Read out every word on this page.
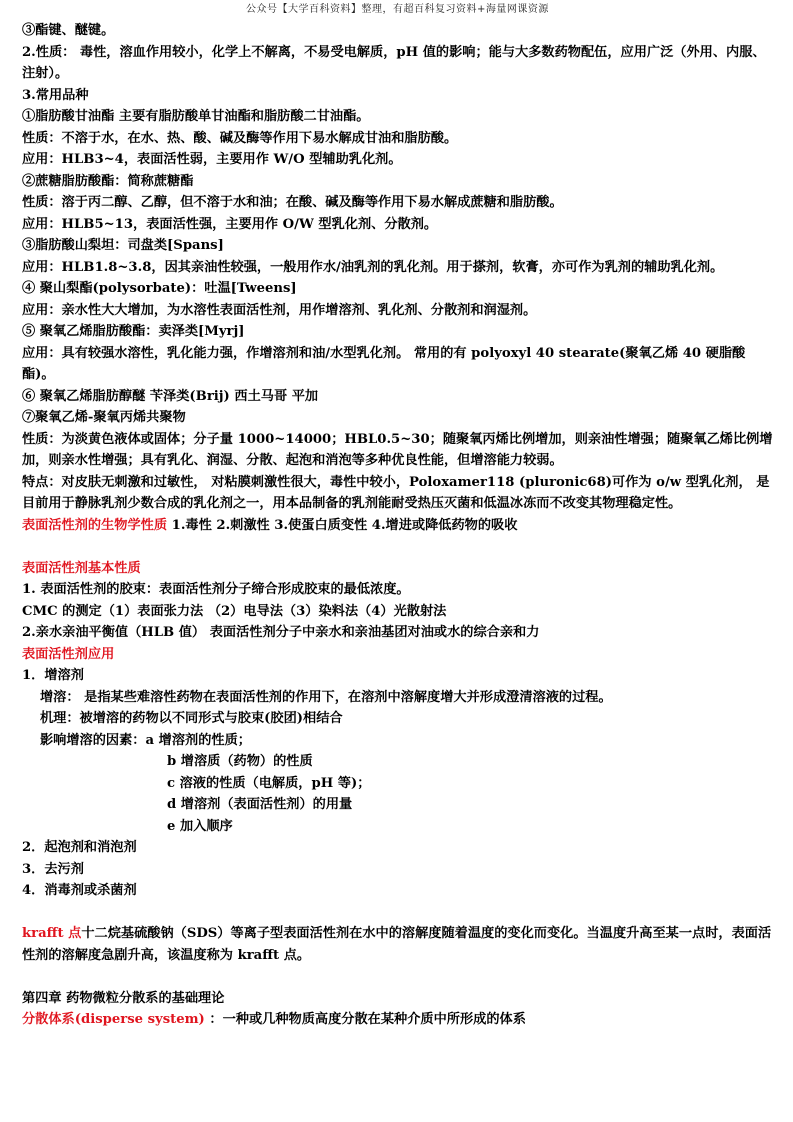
公众号【大学百科资料】整理，有超百科复习资料+海量网课资源
③酯键、醚键。
2.性质： 毒性，溶血作用较小，化学上不解离，不易受电解质，pH 值的影响；能与大多数药物配伍，应用广泛（外用、内服、注射）。
3.常用品种
①脂肪酸甘油酯 主要有脂肪酸单甘油酯和脂肪酸二甘油酯。
性质：不溶于水，在水、热、酸、碱及酶等作用下易水解成甘油和脂肪酸。
应用：HLB3~4，表面活性弱，主要用作 W/O 型辅助乳化剂。
②蔗糖脂肪酸酯：简称蔗糖酯
性质：溶于丙二醇、乙醇，但不溶于水和油；在酸、碱及酶等作用下易水解成蔗糖和脂肪酸。
应用：HLB5~13，表面活性强，主要用作 O/W 型乳化剂、分散剂。
③脂肪酸山梨坦：司盘类[Spans]
应用：HLB1.8~3.8，因其亲油性较强，一般用作水/油乳剂的乳化剂。用于搽剂，软膏，亦可作为乳剂的辅助乳化剂。
④ 聚山梨酯(polysorbate)：吐温[Tweens]
应用：亲水性大大增加，为水溶性表面活性剂，用作增溶剂、乳化剂、分散剂和润湿剂。
⑤ 聚氧乙烯脂肪酸酯：卖泽类[Myrj]
应用：具有较强水溶性，乳化能力强，作增溶剂和油/水型乳化剂。 常用的有 polyoxyl 40 stearate(聚氧乙烯 40 硬脂酸酯)。
⑥ 聚氧乙烯脂肪醇醚 苄泽类(Brij) 西土马哥 平加
⑦聚氧乙烯-聚氧丙烯共聚物
性质：为淡黄色液体或固体；分子量 1000~14000；HBL0.5~30；随聚氧丙烯比例增加，则亲油性增强；随聚氧乙烯比例增加，则亲水性增强；具有乳化、润湿、分散、起泡和消泡等多种优良性能，但增溶能力较弱。
特点：对皮肤无刺激和过敏性， 对粘膜刺激性很大，毒性中较小，Poloxamer118 (pluronic68)可作为 o/w 型乳化剂， 是目前用于静脉乳剂少数合成的乳化剂之一，用本品制备的乳剂能耐受热压灭菌和低温冰冻而不改变其物理稳定性。
表面活性剂的生物学性质 1.毒性 2.刺激性 3.使蛋白质变性 4.增进或降低药物的吸收
表面活性剂基本性质
1. 表面活性剂的胶束：表面活性剂分子缔合形成胶束的最低浓度。
CMC 的测定（1）表面张力法 （2）电导法（3）染料法（4）光散射法
2.亲水亲油平衡值（HLB 值） 表面活性剂分子中亲水和亲油基团对油或水的综合亲和力
表面活性剂应用
1．增溶剂
增溶： 是指某些难溶性药物在表面活性剂的作用下，在溶剂中溶解度增大并形成澄清溶液的过程。
机理：被增溶的药物以不同形式与胶束(胶团)相结合
影响增溶的因素：a 增溶剂的性质；
b 增溶质（药物）的性质
c 溶液的性质（电解质，pH 等)；
d 增溶剂（表面活性剂）的用量
e 加入顺序
2．起泡剂和消泡剂
3．去污剂
4．消毒剂或杀菌剂
krafft 点十二烷基硫酸钠（SDS）等离子型表面活性剂在水中的溶解度随着温度的变化而变化。当温度升高至某一点时，表面活性剂的溶解度急剧升高，该温度称为 krafft 点。
第四章 药物微粒分散系的基础理论
分散体系(disperse system) ：一种或几种物质高度分散在某种介质中所形成的体系
